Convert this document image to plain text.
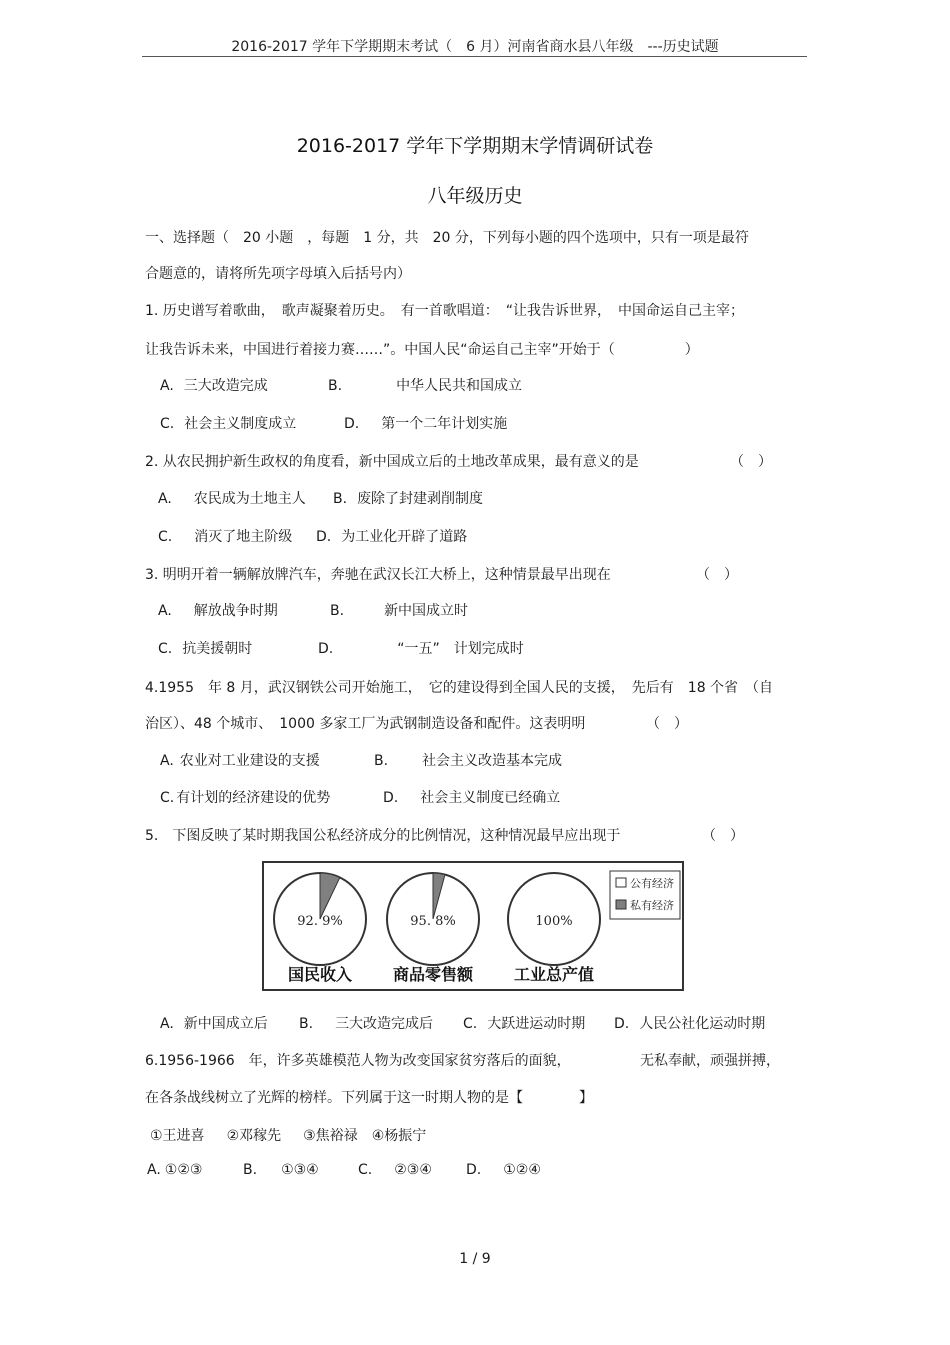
2016-2017 学年下学期期末考试（　6 月）河南省商水县八年级　---历史试题
2016-2017 学年下学期期末学情调研试卷
八年级历史
一、选择题（　20 小题　，每题　1 分，共　20 分，下列每小题的四个选项中，只有一项是最符
合题意的，请将所先项字母填入后括号内）
1. 历史谱写着歌曲，　歌声凝聚着历史。　有一首歌唱道：　“让我告诉世界，　中国命运自己主宰；
让我告诉未来，中国进行着接力赛……”。中国人民“命运自己主宰”开始于（　　　　　）
A. 三大改造完成	B.	中华人民共和国成立
C. 社会主义制度成立	D. 第一个二年计划实施
2. 从农民拥护新生政权的角度看，新中国成立后的土地改革成果，最有意义的是	（　）
A. 农民成为土地主人 B. 废除了封建剥削制度
C. 消灭了地主阶级 D. 为工业化开辟了道路
3. 明明开着一辆解放牌汽车，奔驰在武汉长江大桥上，这种情景最早出现在	（　）
A. 解放战争时期	B.	新中国成立时
C. 抗美援朝时	D.	“一五”　计划完成时
4.1955　年 8 月，武汉钢铁公司开始施工，　它的建设得到全国人民的支援，　先后有　18 个省　（自
治区）、48 个城市、　1000 多家工厂为武钢制造设备和配件。这表明明	（　）
A. 农业对工业建设的支援	B. 社会主义改造基本完成
C. 有计划的经济建设的优势	D. 社会主义制度已经确立
5.　下图反映了某时期我国公私经济成分的比例情况，这种情况最早应出现于	（　）
92. 9%
国民收入
95. 8%
商品零售额
100%
工业总产值
公有经济
私有经济
A. 新中国成立后 B. 三大改造完成后 C. 大跃进运动时期 D. 人民公社化运动时期
6.1956-1966　年，许多英雄模范人物为改变国家贫穷落后的面貌，	无私奉献，顽强拼搏，
在各条战线树立了光辉的榜样。下列属于这一时期人物的是【　　　　】
①王进喜 ②邓稼先 ③焦裕禄 ④杨振宁
A. ①②③	B. ①③④	C. ②③④ D. ①②④
1 / 9
